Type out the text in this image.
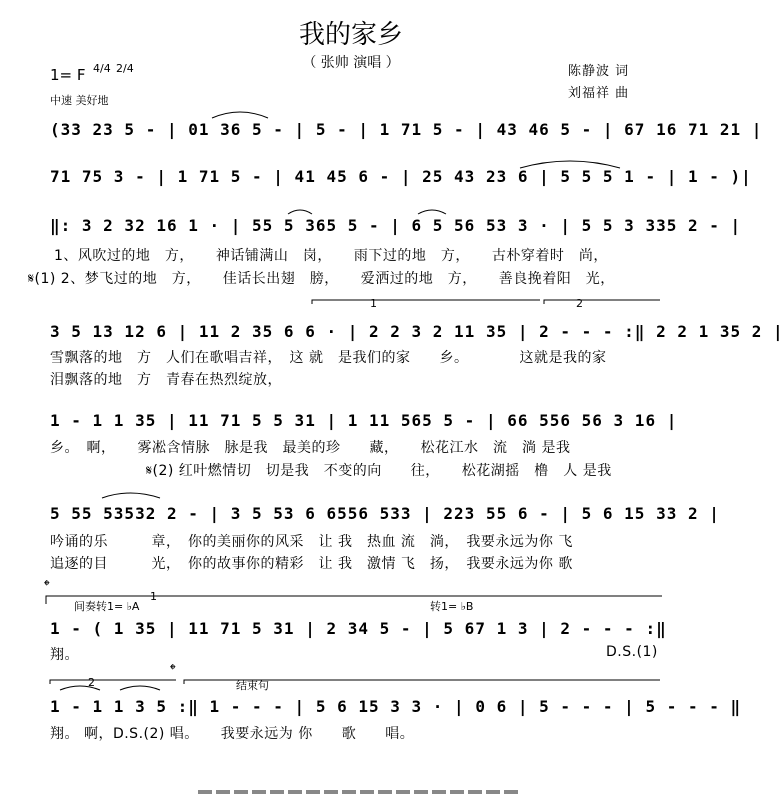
我的家乡
（ 张帅 演唱 ）
1= F 4/4 2/4
中速 美好地
陈静波 词
刘福祥 曲
(33 23 5 - | 01 36 5 - | 5 - | 1 71 5 - | 43 46 5 - | 67 16 71 21 |
71 75 3 - | 1 71 5 - | 41 45 6 - | 25 43 23 6 | 5 5 5 1 - | 1 - )|
‖: 3 2 32 16 1 · | 55 5 365 5 - | 6 5 56 53 3 · | 5 5 3 335 2 - |
1、风吹过的地　方，　　神话铺满山　岗，　　雨下过的地　方，　　古朴穿着时　尚，
𝄋(1) 2、梦飞过的地　方，　　佳话长出翅　膀，　　爱洒过的地　方，　　善良挽着阳　光，
1	2
3 5 13 12 6 | 11 2 35 6 6 · | 2 2 3 2 11 35 | 2 - - - :‖ 2 2 1 35 2 |
雪飘落的地　方　人们在歌唱吉祥，　这 就　是我们的家　　乡。　　　　这就是我的家
泪飘落的地　方　青春在热烈绽放，
1 - 1 1 35 | 11 71 5 5 31 | 1 11 565 5 - | 66 556 56 3 16 |
乡。　啊，　　雾凇含情脉　脉是我　最美的珍　　藏，　　松花江水　流　淌 是我
𝄋(2) 红叶燃情切　切是我　不变的向　　往，　　松花湖摇　橹　人 是我
5 55 53532 2 - | 3 5 53 6 6556 533 | 223 55 6 - | 5 6 15 33 2 |
吟诵的乐　　　章，　你的美丽你的风采　让 我　热血 流　淌，　我要永远为你 飞
追逐的目　　　光，　你的故事你的精彩　让 我　激情 飞　扬，　我要永远为你 歌
𝄌
1
间奏转1= ♭A	转1= ♭B
1 - ( 1 35 | 11 71 5 31 | 2 34 5 - | 5 67 1 3 | 2 - - - :‖
翔。	D.S.(1)
𝄌
2	结束句
1 - 1 1 3 5 :‖ 1 - - - | 5 6 15 3 3 · | 0 6 | 5 - - - | 5 - - - ‖
翔。 啊，D.S.(2) 唱。　　我要永远为 你　　歌　　唱。
